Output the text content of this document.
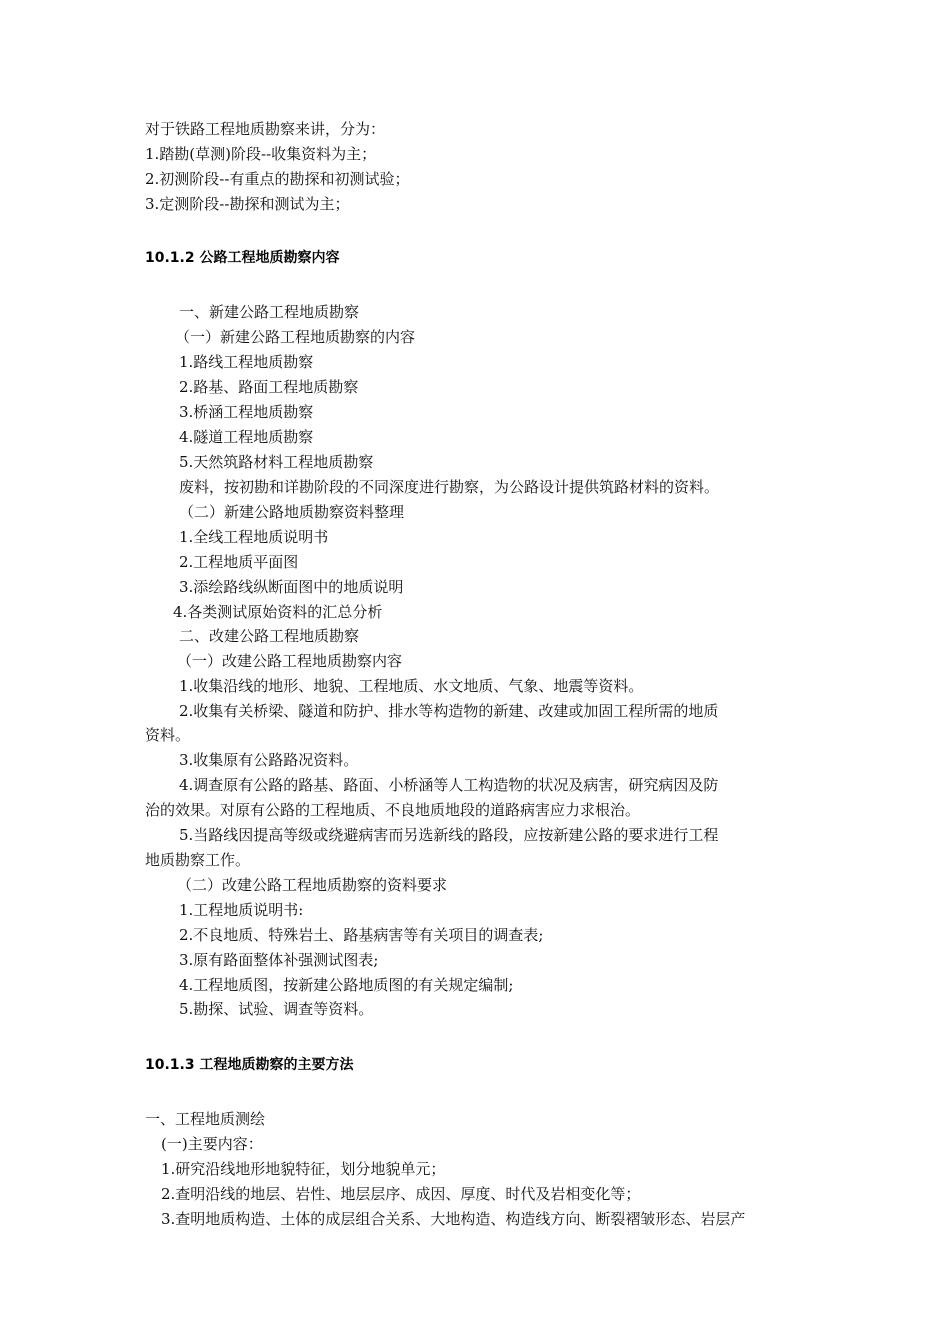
对于铁路工程地质勘察来讲，分为：
1.踏勘(草测)阶段--收集资料为主；
2.初测阶段--有重点的勘探和初测试验；
3.定测阶段--勘探和测试为主；
10.1.2 公路工程地质勘察内容
一、新建公路工程地质勘察
（一）新建公路工程地质勘察的内容
1.路线工程地质勘察
2.路基、路面工程地质勘察
3.桥涵工程地质勘察
4.隧道工程地质勘察
5.天然筑路材料工程地质勘察
废料，按初勘和详勘阶段的不同深度进行勘察，为公路设计提供筑路材料的资料。
（二）新建公路地质勘察资料整理
1.全线工程地质说明书
2.工程地质平面图
3.添绘路线纵断面图中的地质说明
4.各类测试原始资料的汇总分析
二、改建公路工程地质勘察
（一）改建公路工程地质勘察内容
1.收集沿线的地形、地貌、工程地质、水文地质、气象、地震等资料。
2.收集有关桥梁、隧道和防护、排水等构造物的新建、改建或加固工程所需的地质
资料。
3.收集原有公路路况资料。
4.调查原有公路的路基、路面、小桥涵等人工构造物的状况及病害，研究病因及防
治的效果。对原有公路的工程地质、不良地质地段的道路病害应力求根治。
5.当路线因提高等级或绕避病害而另选新线的路段，应按新建公路的要求进行工程
地质勘察工作。
（二）改建公路工程地质勘察的资料要求
1.工程地质说明书:
2.不良地质、特殊岩土、路基病害等有关项目的调查表;
3.原有路面整体补强测试图表;
4.工程地质图，按新建公路地质图的有关规定编制;
5.勘探、试验、调查等资料。
10.1.3 工程地质勘察的主要方法
一、工程地质测绘
(一)主要内容：
1.研究沿线地形地貌特征，划分地貌单元；
2.查明沿线的地层、岩性、地层层序、成因、厚度、时代及岩相变化等；
3.查明地质构造、土体的成层组合关系、大地构造、构造线方向、断裂褶皱形态、岩层产
